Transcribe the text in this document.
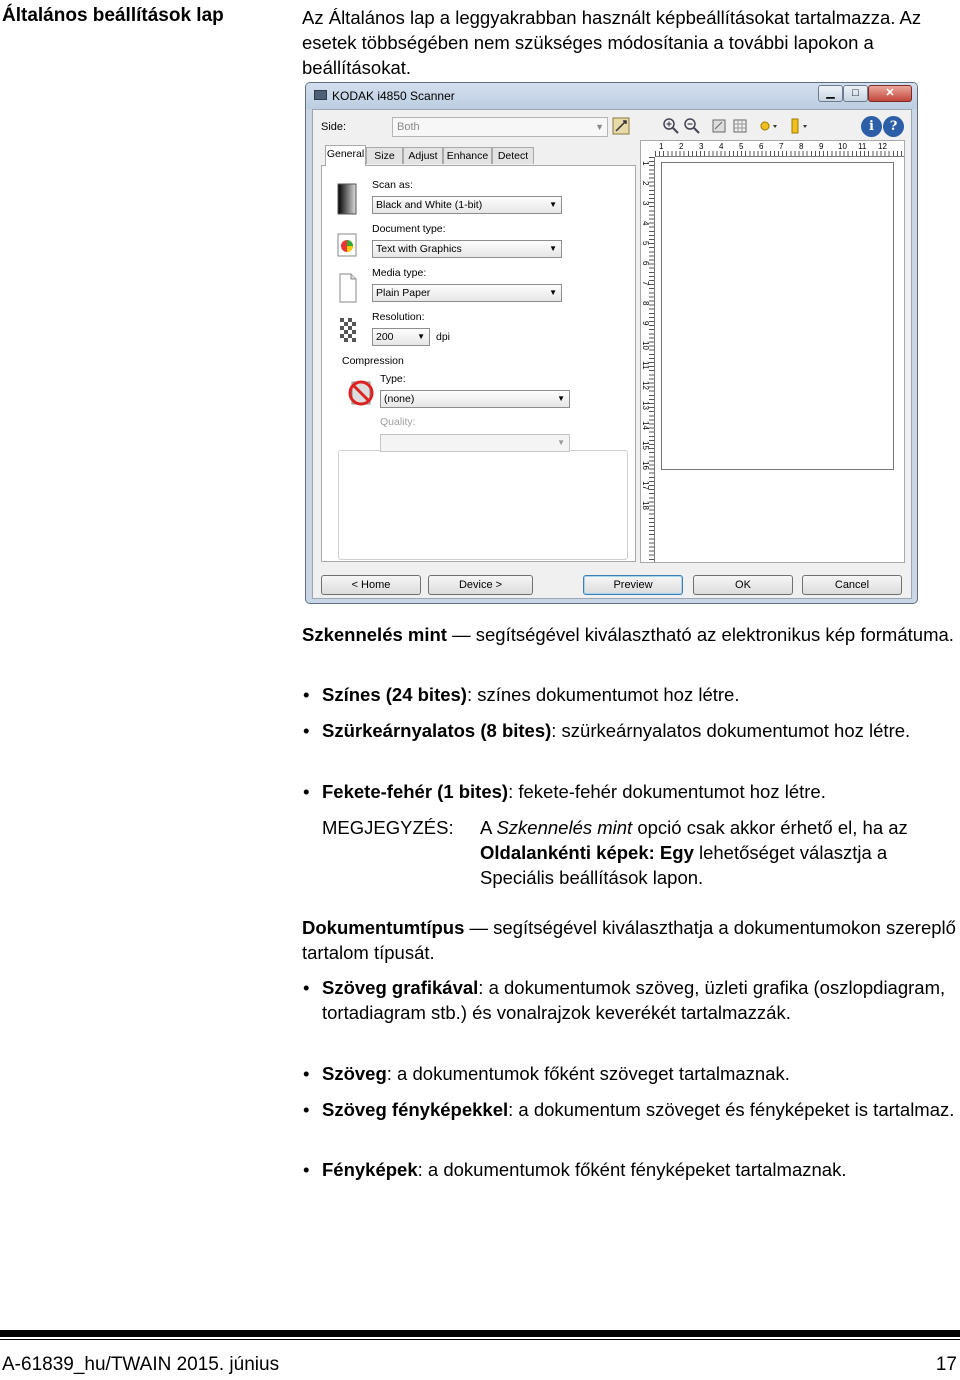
Általános beállítások lap	Az Általános lap a leggyakrabban használt képbeállításokat tartalmazza. Az esetek többségében nem szükséges módosítania a további lapokon a beállításokat.
KODAK i4850 Scanner	▁	□	✕
Side:	Both	▼	i	?
General Size	Adjust Enhance Detect
Scan as:
Black and White (1-bit)	▼
Document type:
Text with Graphics	▼
Media type:
Plain Paper	▼
Resolution:
200	▼ dpi
Compression
Type:
(none)	▼
Quality:
▼
1 2 3 4 5 6 7 8 9 10 11 12
1
2
3
4
5
6
7
8
9
10
11
12
13
14
15
16
17
18
< Home	Device >	Preview	OK	Cancel
Szkennelés mint — segítségével kiválasztható az elektronikus kép formátuma.
• Színes (24 bites): színes dokumentumot hoz létre.
• Szürkeárnyalatos (8 bites): szürkeárnyalatos dokumentumot hoz létre.
• Fekete-fehér (1 bites): fekete-fehér dokumentumot hoz létre.
MEGJEGYZÉS: A Szkennelés mint opció csak akkor érhető el, ha az Oldalankénti képek: Egy lehetőséget választja a Speciális beállítások lapon.
Dokumentumtípus — segítségével kiválaszthatja a dokumentumokon szereplő tartalom típusát.
• Szöveg grafikával: a dokumentumok szöveg, üzleti grafika (oszlopdiagram, tortadiagram stb.) és vonalrajzok keverékét tartalmazzák.
• Szöveg: a dokumentumok főként szöveget tartalmaznak.
• Szöveg fényképekkel: a dokumentum szöveget és fényképeket is tartalmaz.
• Fényképek: a dokumentumok főként fényképeket tartalmaznak.
A-61839_hu/TWAIN 2015. június	17
